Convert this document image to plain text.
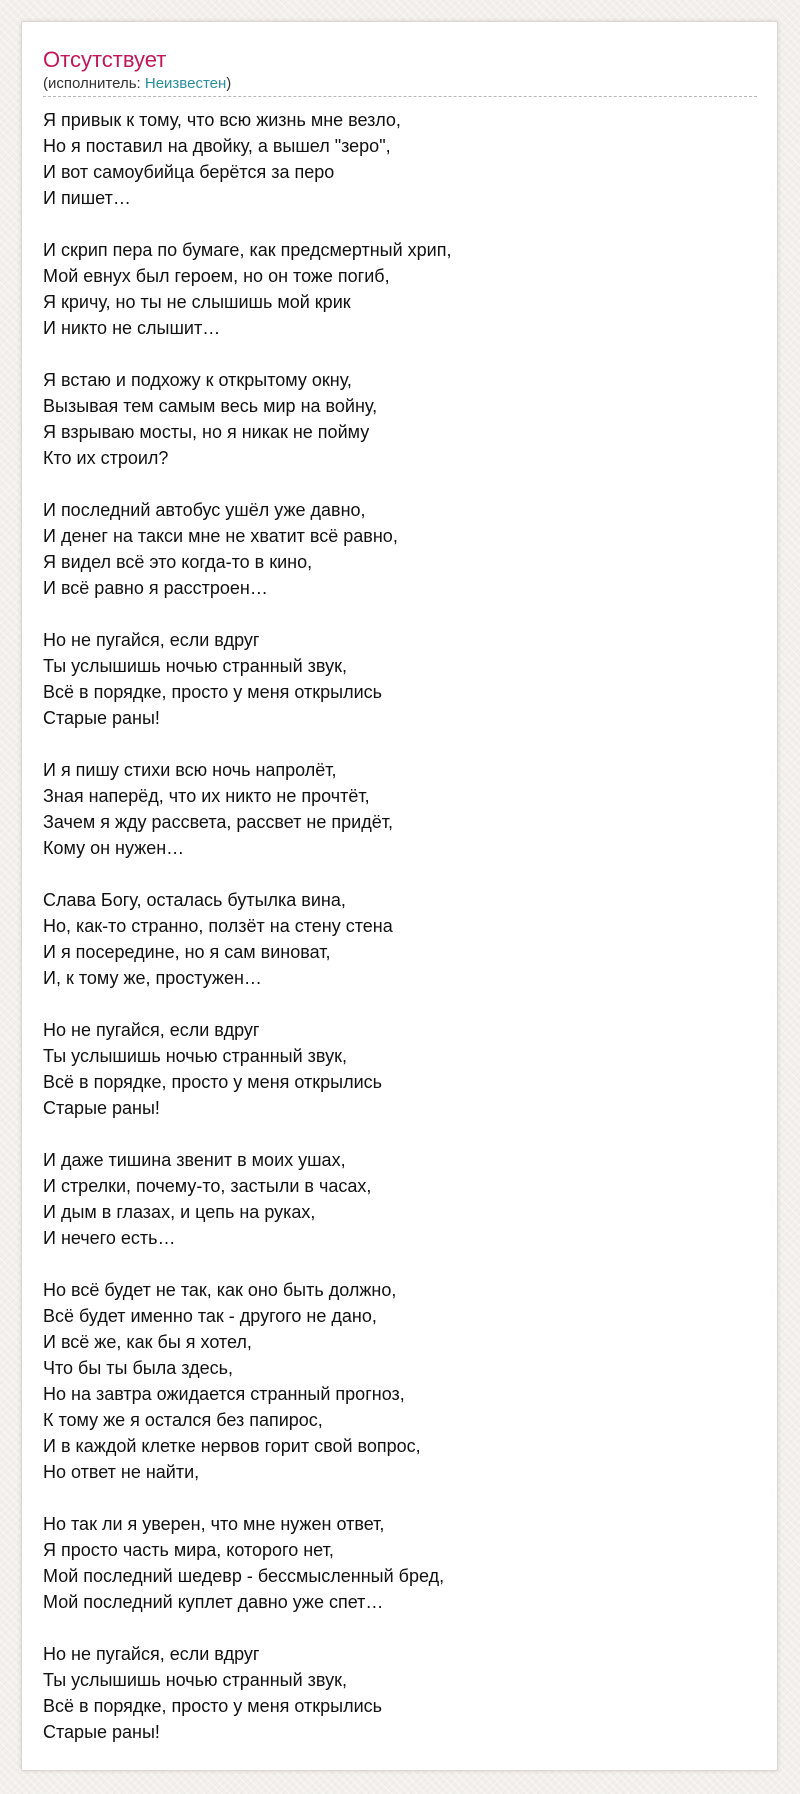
Отсутствует
(исполнитель: Неизвестен)
Я привык к тому, что всю жизнь мне везло,
Но я поставил на двойку, а вышел "зеро",
И вот самоубийца берётся за перо
И пишет…
И скрип пера по бумаге, как предсмертный хрип,
Мой евнух был героем, но он тоже погиб,
Я кричу, но ты не слышишь мой крик
И никто не слышит…
Я встаю и подхожу к открытому окну,
Вызывая тем самым весь мир на войну,
Я взрываю мосты, но я никак не пойму
Кто их строил?
И последний автобус ушёл уже давно,
И денег на такси мне не хватит всё равно,
Я видел всё это когда-то в кино,
И всё равно я расстроен…
Но не пугайся, если вдруг
Ты услышишь ночью странный звук,
Всё в порядке, просто у меня открылись
Старые раны!
И я пишу стихи всю ночь напролёт,
Зная наперёд, что их никто не прочтёт,
Зачем я жду рассвета, рассвет не придёт,
Кому он нужен…
Слава Богу, осталась бутылка вина,
Но, как-то странно, ползёт на стену стена
И я посередине, но я сам виноват,
И, к тому же, простужен…
Но не пугайся, если вдруг
Ты услышишь ночью странный звук,
Всё в порядке, просто у меня открылись
Старые раны!
И даже тишина звенит в моих ушах,
И стрелки, почему-то, застыли в часах,
И дым в глазах, и цепь на руках,
И нечего есть…
Но всё будет не так, как оно быть должно,
Всё будет именно так - другого не дано,
И всё же, как бы я хотел,
Что бы ты была здесь,
Но на завтра ожидается странный прогноз,
К тому же я остался без папирос,
И в каждой клетке нервов горит свой вопрос,
Но ответ не найти,
Но так ли я уверен, что мне нужен ответ,
Я просто часть мира, которого нет,
Мой последний шедевр - бессмысленный бред,
Мой последний куплет давно уже спет…
Но не пугайся, если вдруг
Ты услышишь ночью странный звук,
Всё в порядке, просто у меня открылись
Старые раны!
